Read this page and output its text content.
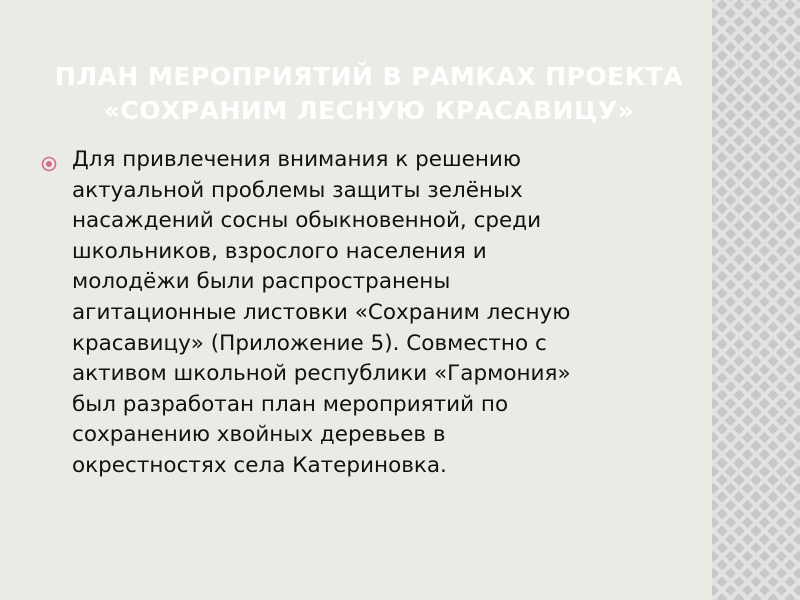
ПЛАН МЕРОПРИЯТИЙ В РАМКАХ ПРОЕКТА
«СОХРАНИМ ЛЕСНУЮ КРАСАВИЦУ»

Для привлечения внимания к решению
актуальной проблемы защиты зелёных
насаждений сосны обыкновенной, среди
школьников, взрослого населения и
молодёжи были распространены
агитационные листовки «Сохраним лесную
красавицу» (Приложение 5). Совместно с
активом школьной республики «Гармония»
был разработан план мероприятий по
сохранению хвойных деревьев в
окрестностях села Катериновка.
